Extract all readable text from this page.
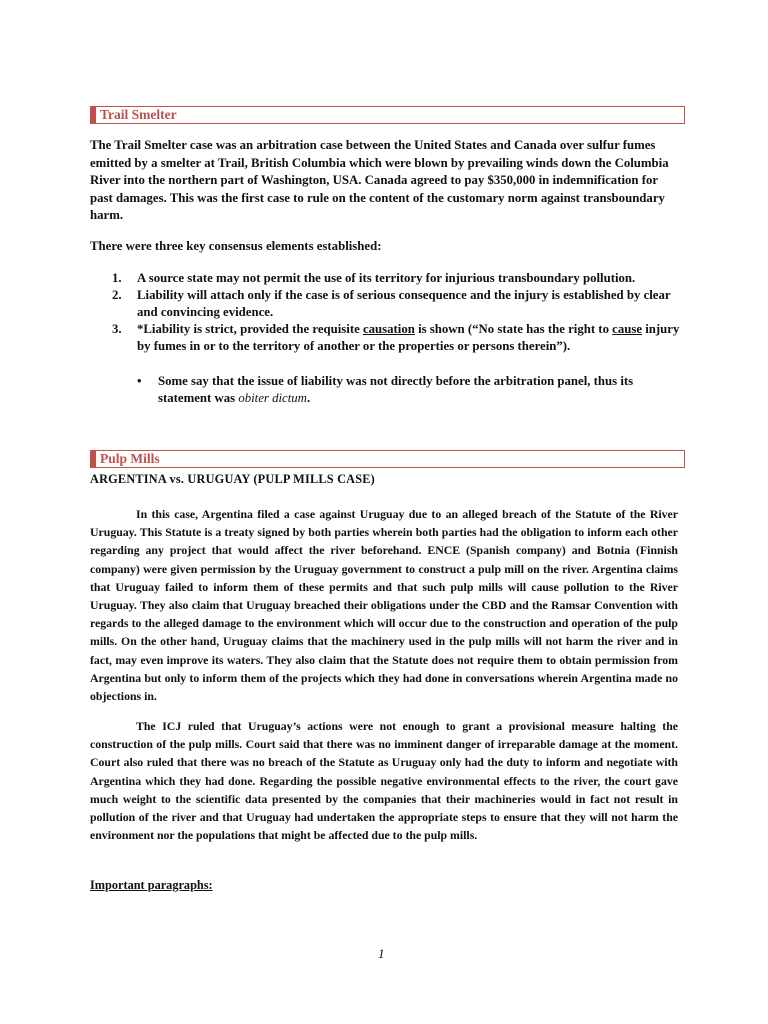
Trail Smelter
The Trail Smelter case was an arbitration case between the United States and Canada over sulfur fumes emitted by a smelter at Trail, British Columbia which were blown by prevailing winds down the Columbia River into the northern part of Washington, USA. Canada agreed to pay $350,000 in indemnification for past damages. This was the first case to rule on the content of the customary norm against transboundary harm.
There were three key consensus elements established:
1. A source state may not permit the use of its territory for injurious transboundary pollution.
2. Liability will attach only if the case is of serious consequence and the injury is established by clear and convincing evidence.
3. *Liability is strict, provided the requisite causation is shown (“No state has the right to cause injury by fumes in or to the territory of another or the properties or persons therein”).
• Some say that the issue of liability was not directly before the arbitration panel, thus its statement was obiter dictum.
Pulp Mills
ARGENTINA vs. URUGUAY (PULP MILLS CASE)
In this case, Argentina filed a case against Uruguay due to an alleged breach of the Statute of the River Uruguay. This Statute is a treaty signed by both parties wherein both parties had the obligation to inform each other regarding any project that would affect the river beforehand. ENCE (Spanish company) and Botnia (Finnish company) were given permission by the Uruguay government to construct a pulp mill on the river. Argentina claims that Uruguay failed to inform them of these permits and that such pulp mills will cause pollution to the River Uruguay. They also claim that Uruguay breached their obligations under the CBD and the Ramsar Convention with regards to the alleged damage to the environment which will occur due to the construction and operation of the pulp mills. On the other hand, Uruguay claims that the machinery used in the pulp mills will not harm the river and in fact, may even improve its waters. They also claim that the Statute does not require them to obtain permission from Argentina but only to inform them of the projects which they had done in conversations wherein Argentina made no objections in.
The ICJ ruled that Uruguay’s actions were not enough to grant a provisional measure halting the construction of the pulp mills. Court said that there was no imminent danger of irreparable damage at the moment. Court also ruled that there was no breach of the Statute as Uruguay only had the duty to inform and negotiate with Argentina which they had done. Regarding the possible negative environmental effects to the river, the court gave much weight to the scientific data presented by the companies that their machineries would in fact not result in pollution of the river and that Uruguay had undertaken the appropriate steps to ensure that they will not harm the environment nor the populations that might be affected due to the pulp mills.
Important paragraphs:
1
